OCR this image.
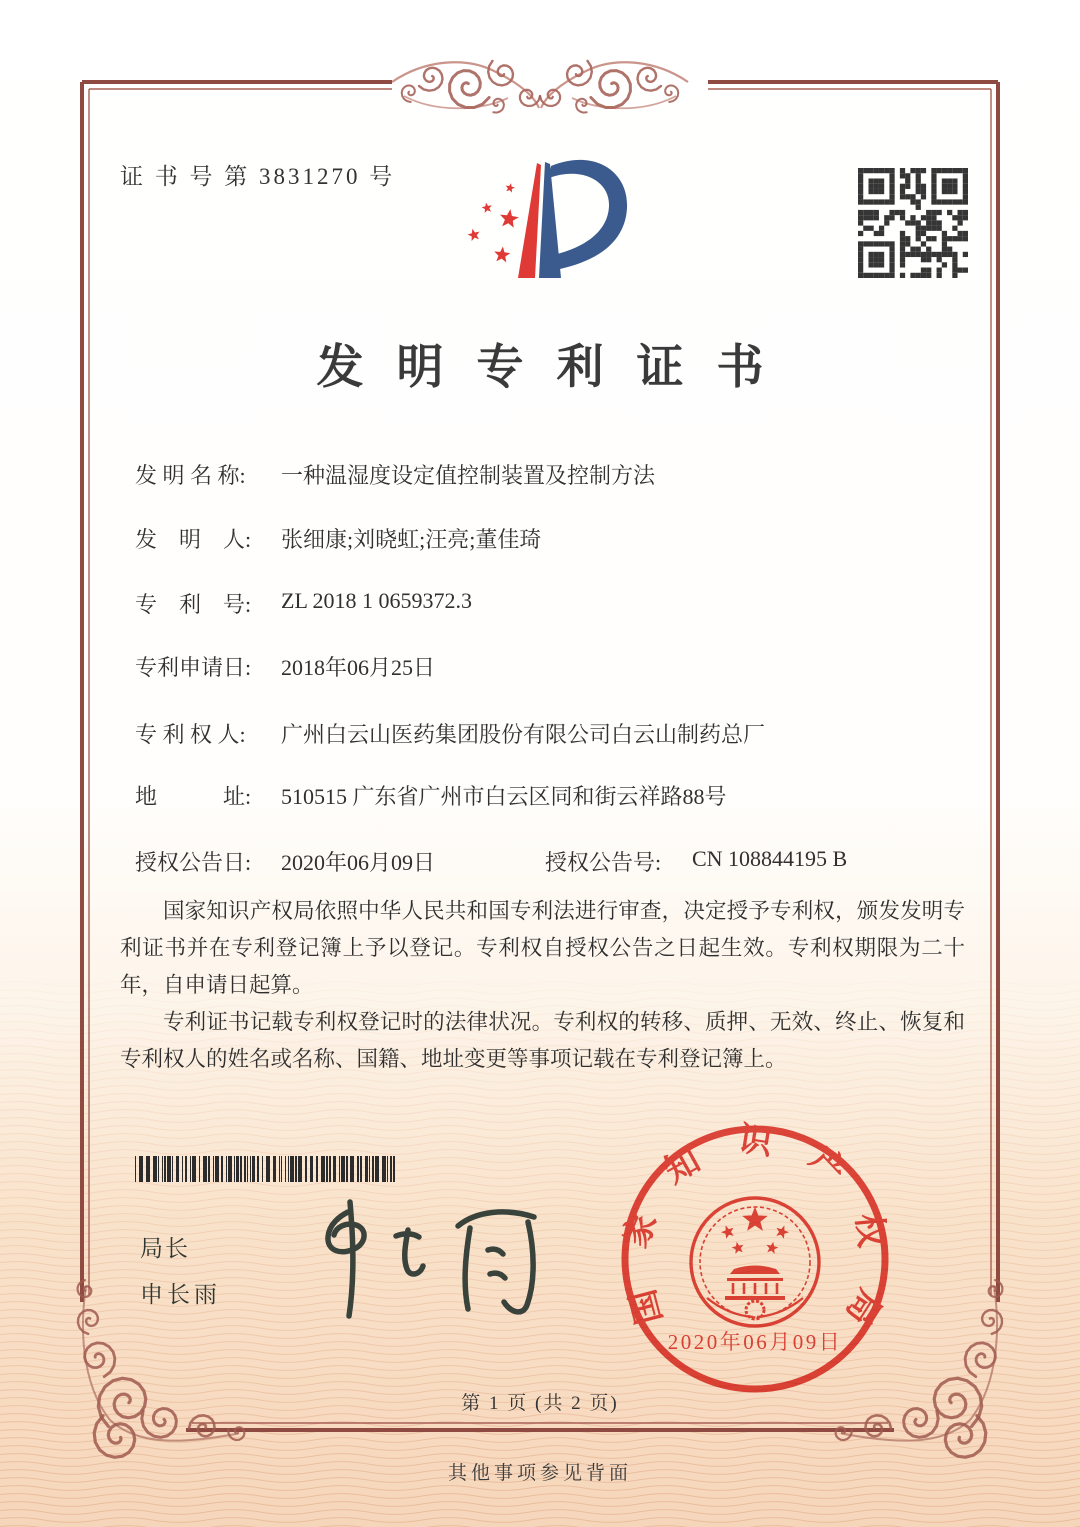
证 书 号 第 3831270 号
发明专利证书
发 明 名 称: 一种温湿度设定值控制装置及控制方法
发　明　人: 张细康;刘晓虹;汪亮;董佳琦
专　利　号: ZL 2018 1 0659372.3
专利申请日: 2018年06月25日
专 利 权 人: 广州白云山医药集团股份有限公司白云山制药总厂
地　　　址: 510515 广东省广州市白云区同和街云祥路88号
授权公告日: 2020年06月09日	授权公告号: CN 108844195 B

国家知识产权局依照中华人民共和国专利法进行审查，决定授予专利权，颁发发明专利证书并在专利登记簿上予以登记。专利权自授权公告之日起生效。专利权期限为二十年，自申请日起算。

专利证书记载专利权登记时的法律状况。专利权的转移、质押、无效、终止、恢复和专利权人的姓名或名称、国籍、地址变更等事项记载在专利登记簿上。

局长
申长雨	国家知识产权局
2020年06月09日
第 1 页 (共 2 页)
其他事项参见背面
